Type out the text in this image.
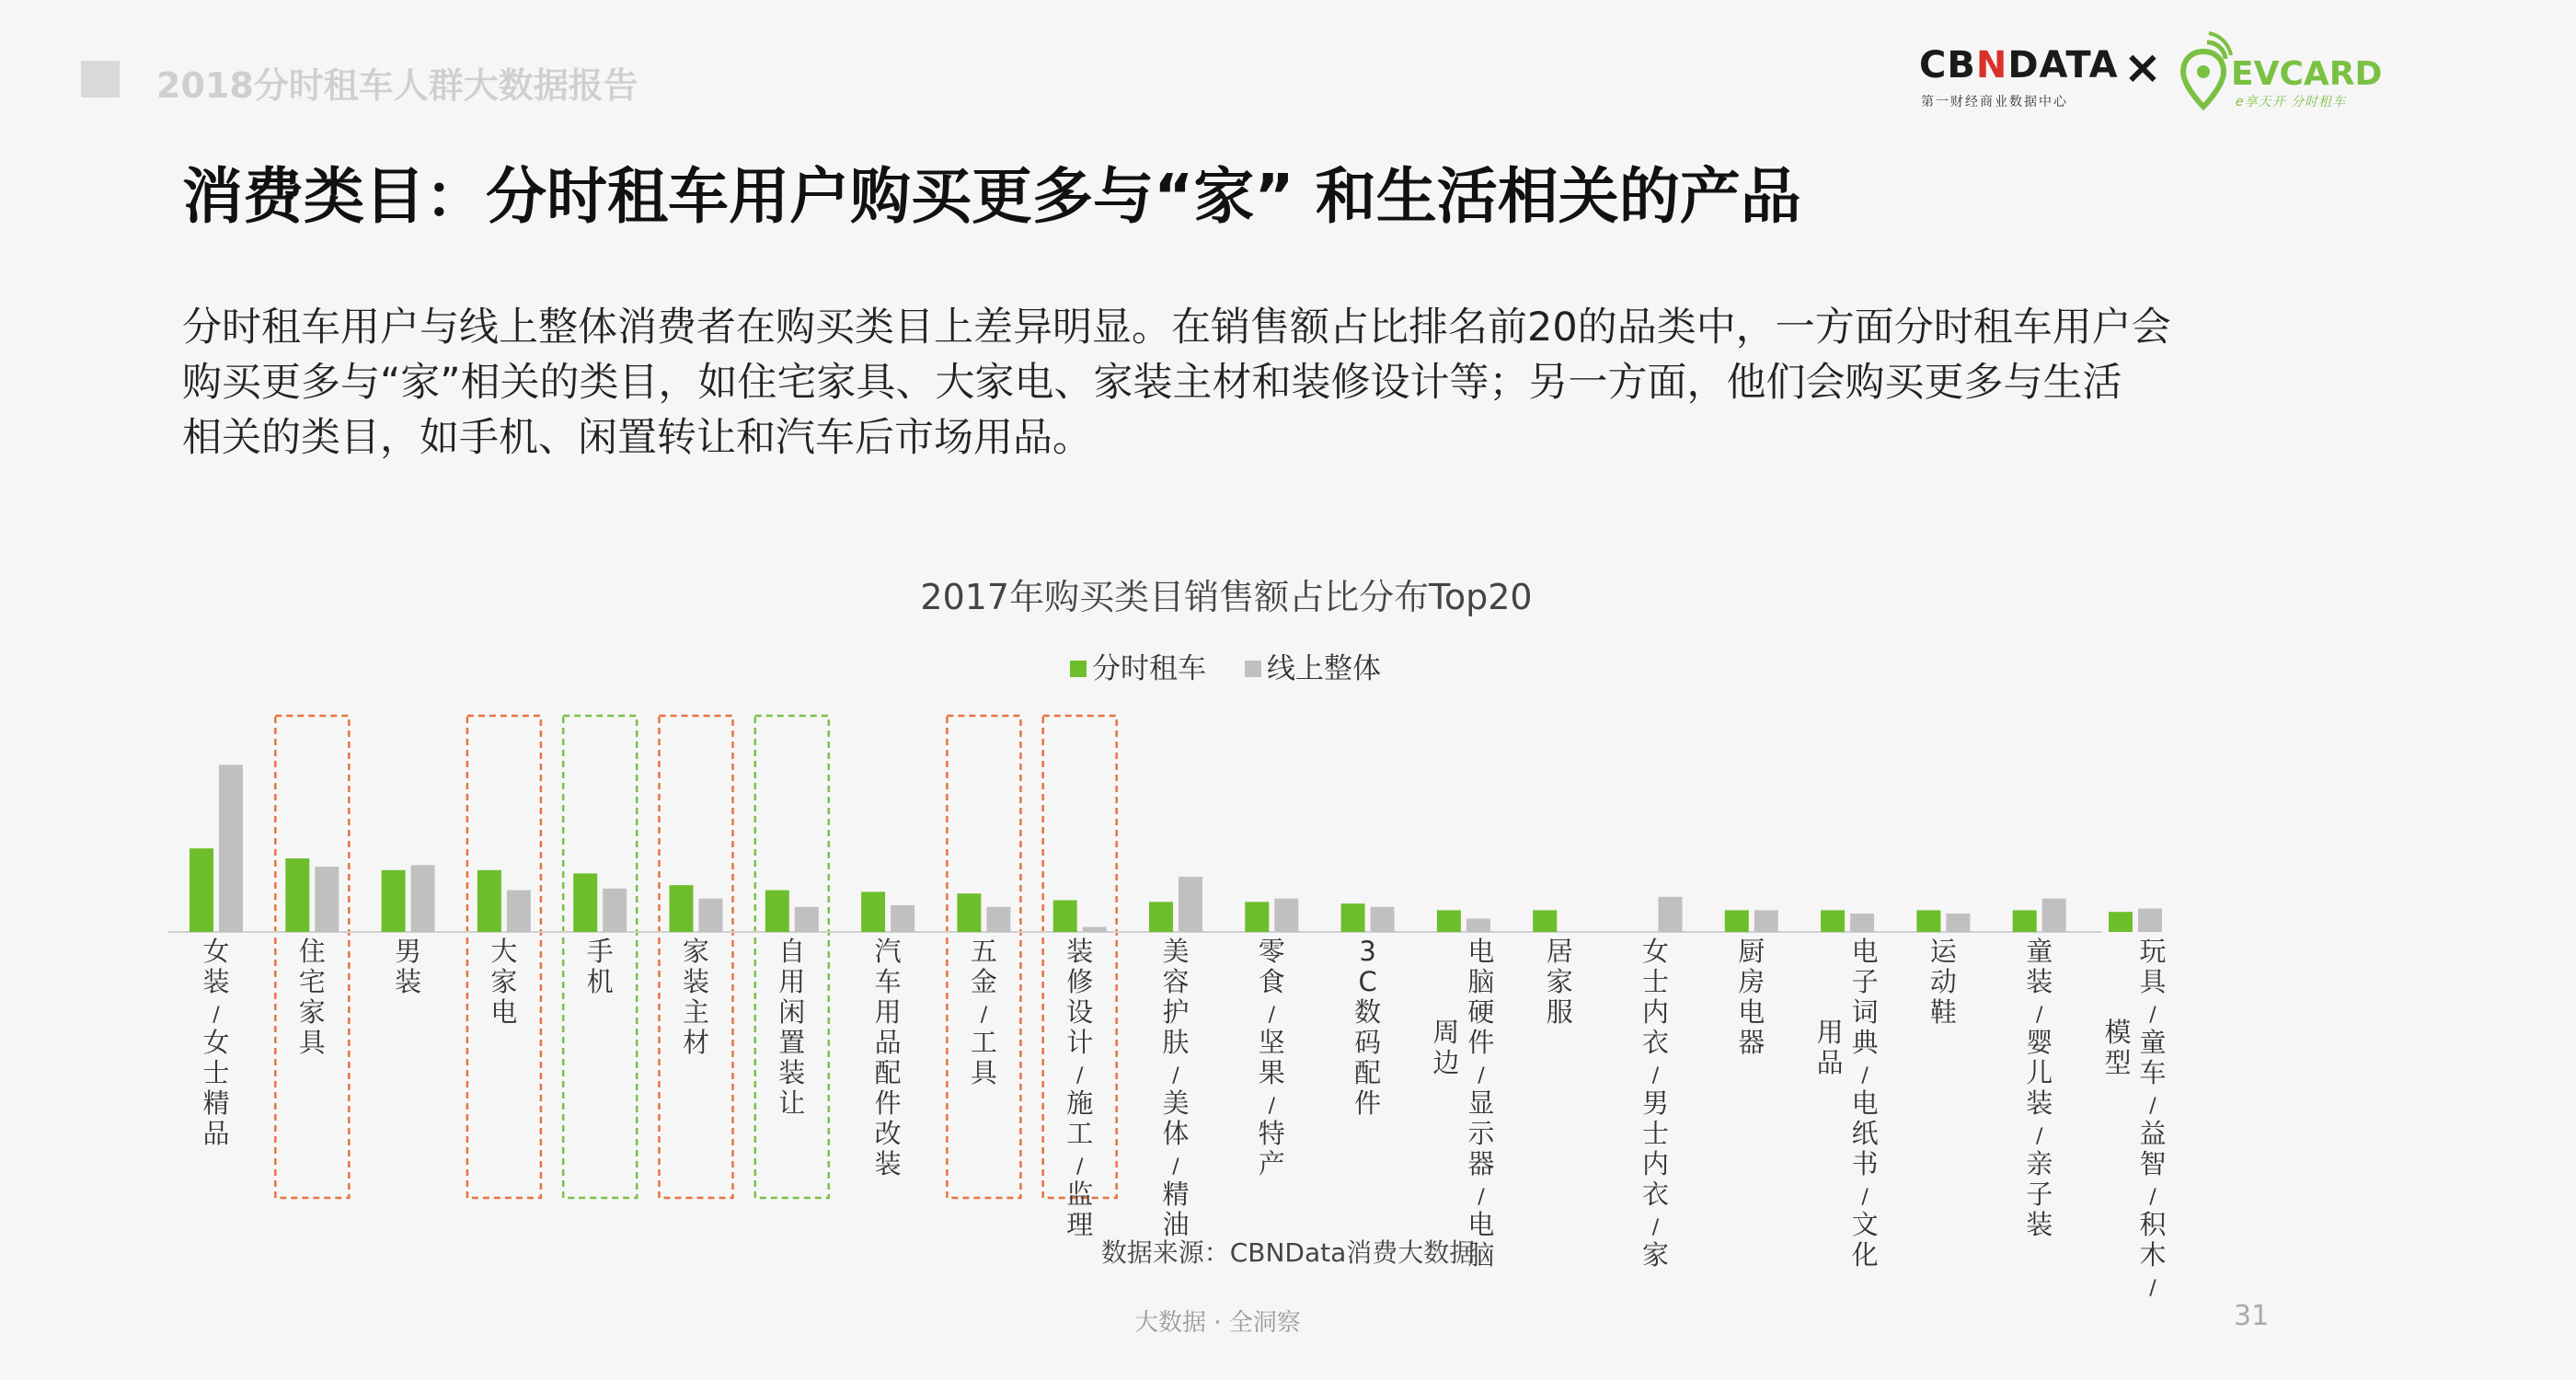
2018分时租车人群大数据报告	CBNDATA
第一财经商业数据中心
× EVCARD
e享天开 分时租车
消费类目：分时租车用户购买更多与“家” 和生活相关的产品

分时租车用户与线上整体消费者在购买类目上差异明显。在销售额占比排名前20的品类中，一方面分时租车用户会

购买更多与“家”相关的类目，如住宅家具、大家电、家装主材和装修设计等；另一方面，他们会购买更多与生活

相关的类目，如手机、闲置转让和汽车后市场用品。

2017年购买类目销售额占比分布Top20
分时租车 线上整体
女装/女士精品
住宅家具
男装
大家电
手机
家装主材
自用闲置装让
汽车用品配件改装
五金/工具
装修设计/施工/监理
美容护肤/美体/精油
零食/坚果/特产
3 C 数码配件
电脑硬件/显示器/电脑
周边
居家服
女士内衣/男士内衣/家
厨房电器
电子词典/电纸书/文化
用品
运动鞋
童装/婴儿装/亲子装
玩具/童车/益智/积木/
模型
数据来源：CBNData消费大数据
大数据 · 全洞察	31
